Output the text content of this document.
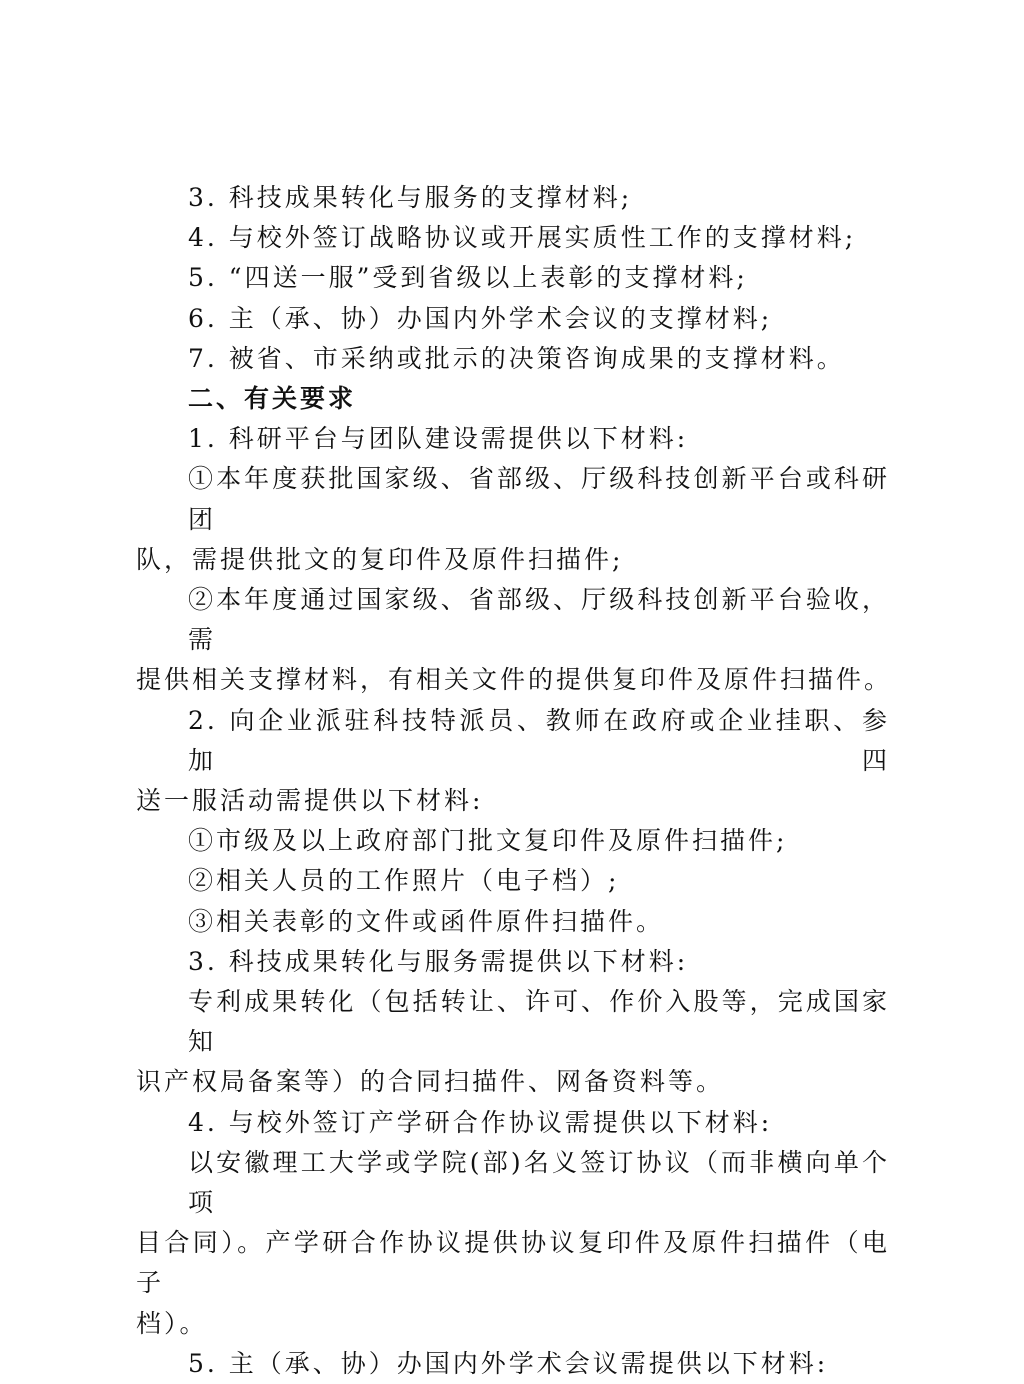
3. 科技成果转化与服务的支撑材料;

4. 与校外签订战略协议或开展实质性工作的支撑材料;

5. “四送一服”受到省级以上表彰的支撑材料;

6. 主（承、协）办国内外学术会议的支撑材料;

7. 被省、市采纳或批示的决策咨询成果的支撑材料。

二、有关要求

1. 科研平台与团队建设需提供以下材料:

①本年度获批国家级、省部级、厅级科技创新平台或科研团

队，需提供批文的复印件及原件扫描件;

②本年度通过国家级、省部级、厅级科技创新平台验收，需

提供相关支撑材料，有相关文件的提供复印件及原件扫描件。

2. 向企业派驻科技特派员、教师在政府或企业挂职、参加四

送一服活动需提供以下材料:

①市级及以上政府部门批文复印件及原件扫描件;

②相关人员的工作照片（电子档）;

③相关表彰的文件或函件原件扫描件。

3. 科技成果转化与服务需提供以下材料:

专利成果转化（包括转让、许可、作价入股等，完成国家知

识产权局备案等）的合同扫描件、网备资料等。

4. 与校外签订产学研合作协议需提供以下材料:

以安徽理工大学或学院(部)名义签订协议（而非横向单个项

目合同）。产学研合作协议提供协议复印件及原件扫描件（电子

档）。

5. 主（承、协）办国内外学术会议需提供以下材料:
